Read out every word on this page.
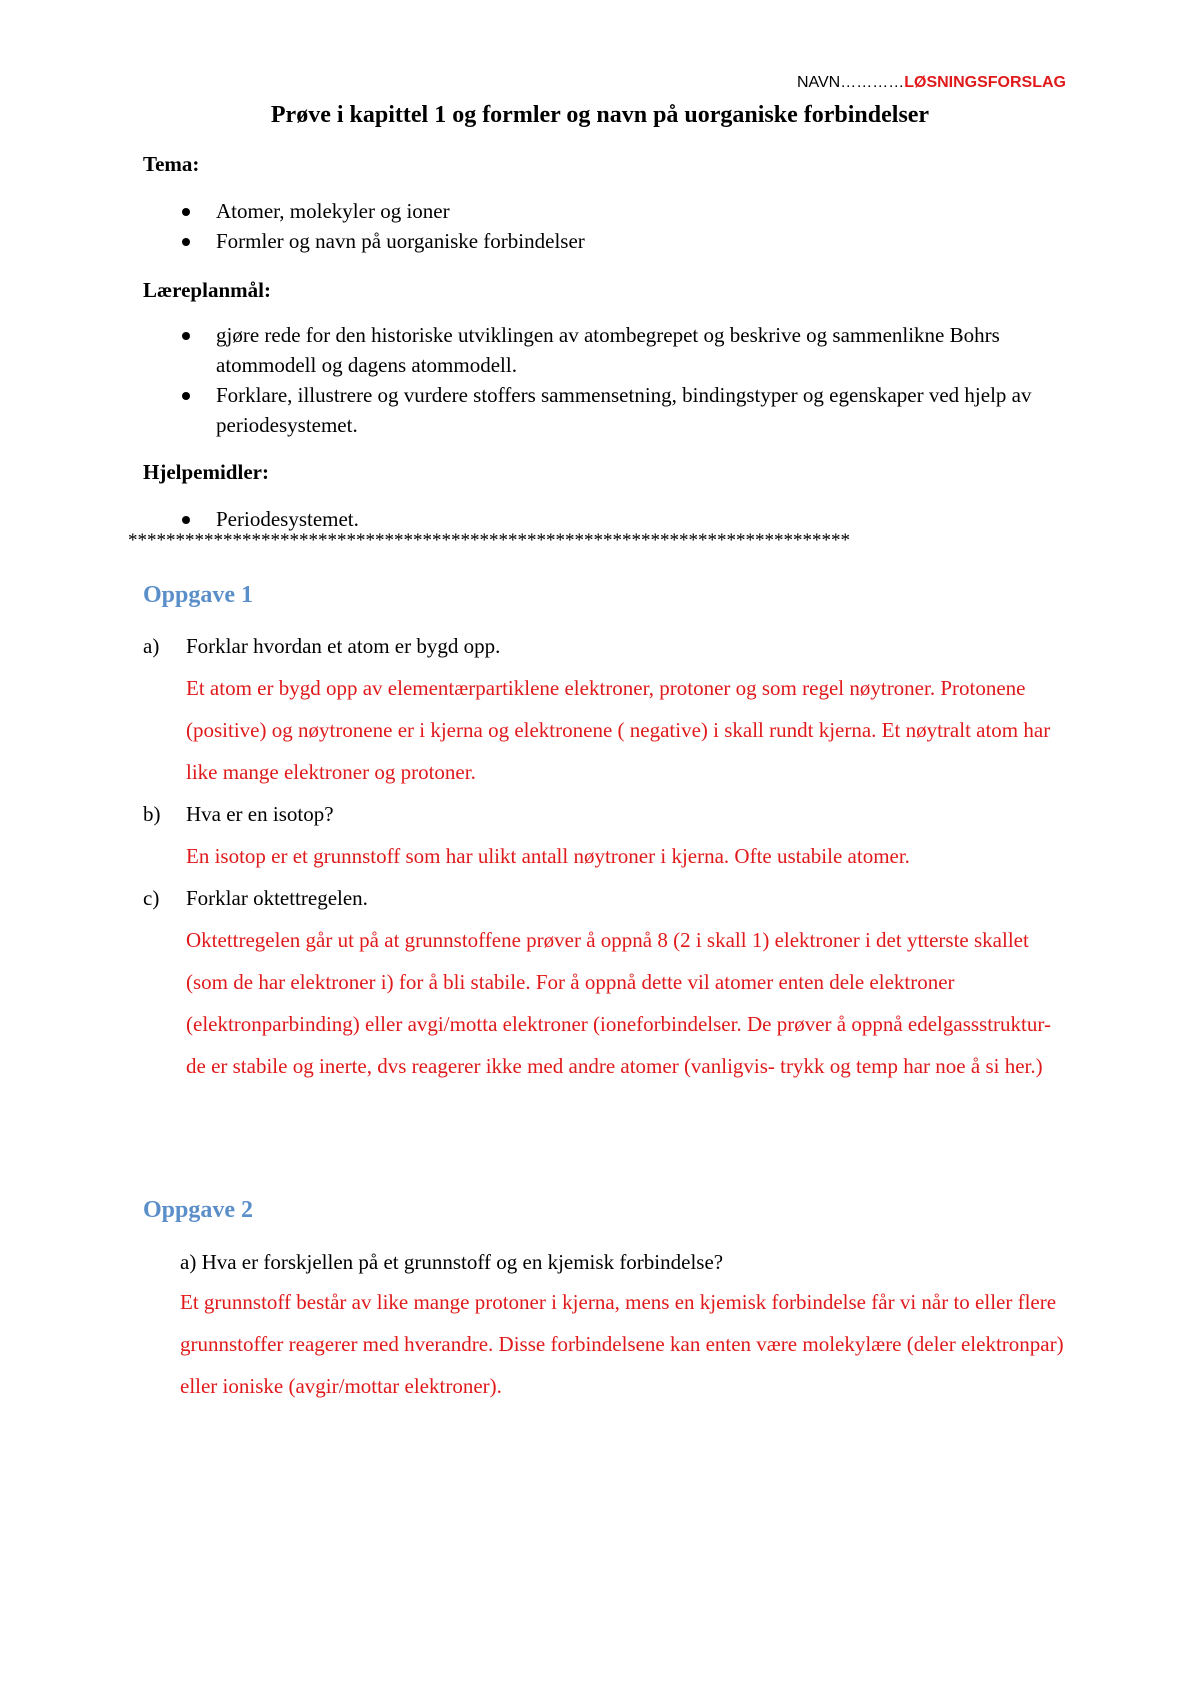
NAVN…………LØSNINGSFORSLAG
Prøve i kapittel 1 og formler og navn på uorganiske forbindelser
Tema:
Atomer, molekyler og ioner
Formler og navn på uorganiske forbindelser
Læreplanmål:
gjøre rede for den historiske utviklingen av atombegrepet og beskrive og sammenlikne Bohrs atommodell og dagens atommodell.
Forklare, illustrere og vurdere stoffers sammensetning, bindingstyper og egenskaper ved hjelp av periodesystemet.
Hjelpemidler:
Periodesystemet.
****************************************************************************
Oppgave 1
a) Forklar hvordan et atom er bygd opp.
Et atom er bygd opp av elementærpartiklene elektroner, protoner og som regel nøytroner. Protonene (positive) og nøytronene er i kjerna og elektronene ( negative) i skall rundt kjerna. Et nøytralt atom har like mange elektroner og protoner.
b) Hva er en isotop?
En isotop er et grunnstoff som har ulikt antall nøytroner i kjerna. Ofte ustabile atomer.
c) Forklar oktettregelen.
Oktettregelen går ut på at grunnstoffene prøver å oppnå 8 (2 i skall 1) elektroner i det ytterste skallet (som de har elektroner i) for å bli stabile. For å oppnå dette vil atomer enten dele elektroner (elektronparbinding) eller avgi/motta elektroner (ioneforbindelser. De prøver å oppnå edelgassstruktur- de er stabile og inerte, dvs reagerer ikke med andre atomer (vanligvis- trykk og temp har noe å si her.)
Oppgave 2
a) Hva er forskjellen på et grunnstoff og en kjemisk forbindelse?
Et grunnstoff består av like mange protoner i kjerna, mens en kjemisk forbindelse får vi når to eller flere grunnstoffer reagerer med hverandre. Disse forbindelsene kan enten være molekylære (deler elektronpar) eller ioniske (avgir/mottar elektroner).
